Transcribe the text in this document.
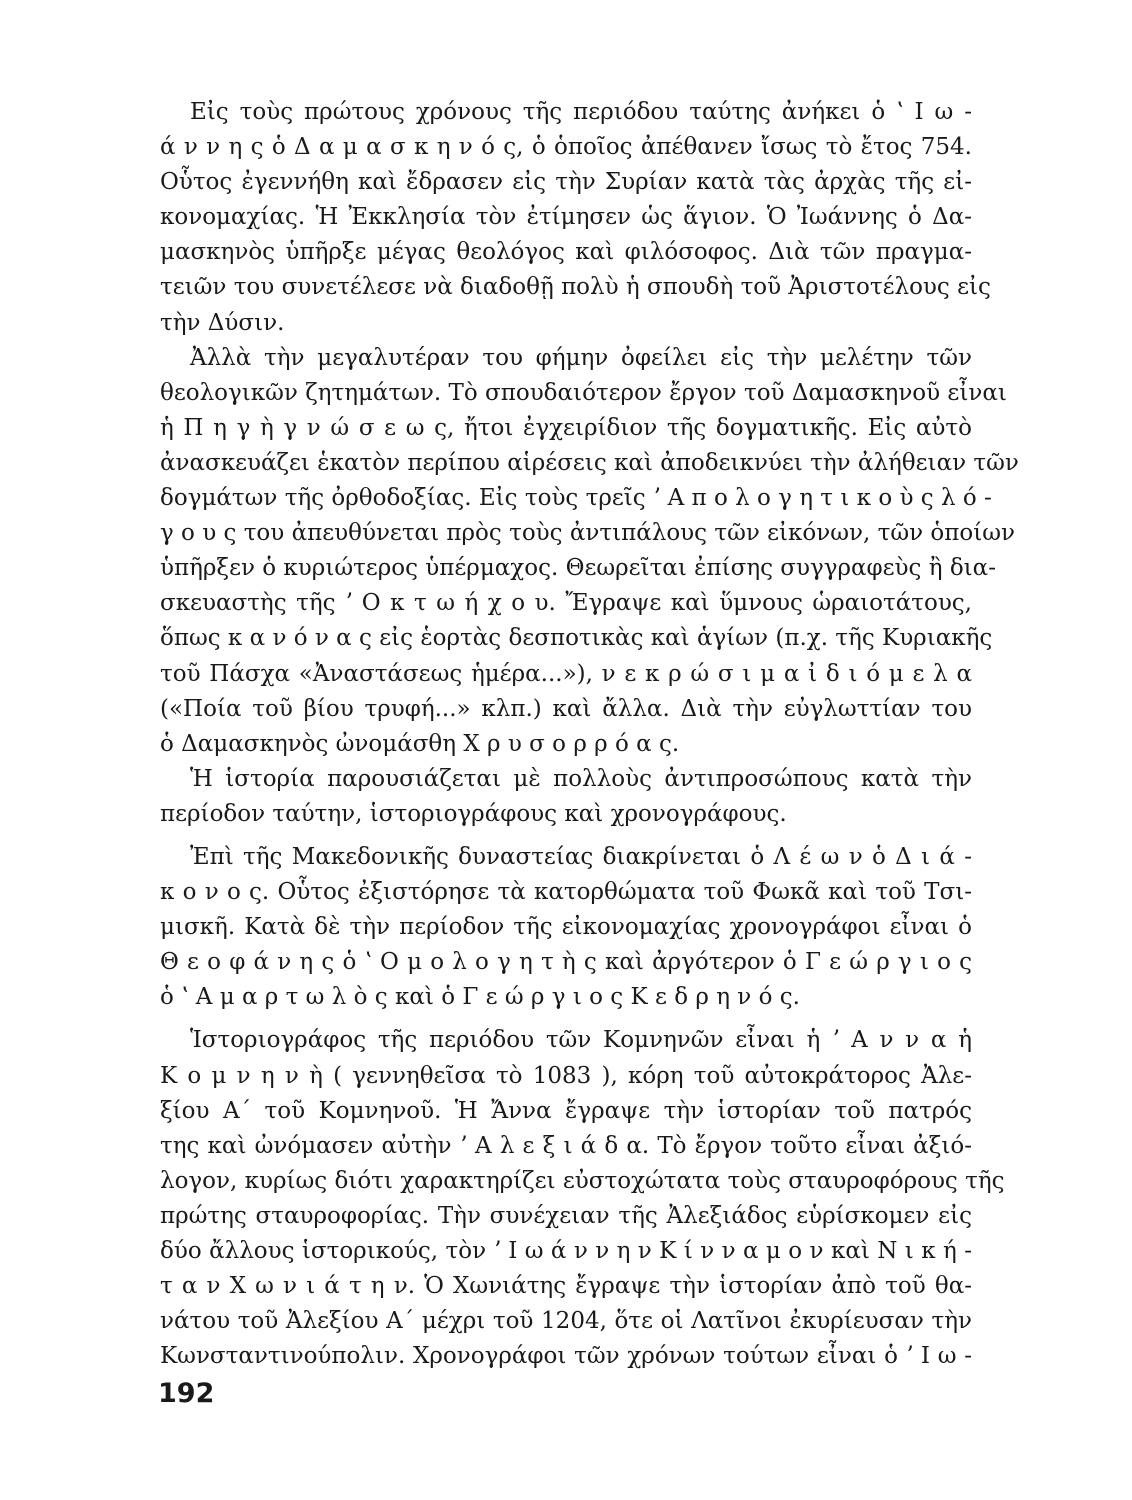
Εἰς τοὺς πρώτους χρόνους τῆς περιόδου ταύτης ἀνήκει ὁ ʽ Ι ω -
ά ν ν η ς ὁ Δ α μ α σ κ η ν ό ς, ὁ ὁποῖος ἀπέθανεν ἴσως τὸ ἔτος 754.
Οὗτος ἐγεννήθη καὶ ἔδρασεν εἰς τὴν Συρίαν κατὰ τὰς ἀρχὰς τῆς εἰ-
κονομαχίας. Ἡ Ἐκκλησία τὸν ἐτίμησεν ὡς ἅγιον. Ὁ Ἰωάννης ὁ Δα-
μασκηνὸς ὑπῆρξε μέγας θεολόγος καὶ φιλόσοφος. Διὰ τῶν πραγμα-
τειῶν του συνετέλεσε νὰ διαδοθῇ πολὺ ἡ σπουδὴ τοῦ Ἀριστοτέλους εἰς
τὴν Δύσιν.
Ἀλλὰ τὴν μεγαλυτέραν του φήμην ὀφείλει εἰς τὴν μελέτην τῶν
θεολογικῶν ζητημάτων. Τὸ σπουδαιότερον ἔργον τοῦ Δαμασκηνοῦ εἶναι
ἡ Π η γ ὴ γ ν ώ σ ε ω ς, ἤτοι ἐγχειρίδιον τῆς δογματικῆς. Εἰς αὐτὸ
ἀνασκευάζει ἑκατὸν περίπου αἱρέσεις καὶ ἀποδεικνύει τὴν ἀλήθειαν τῶν
δογμάτων τῆς ὀρθοδοξίας. Εἰς τοὺς τρεῖς ʼ Α π ο λ ο γ η τ ι κ ο ὺ ς λ ό -
γ ο υ ς του ἀπευθύνεται πρὸς τοὺς ἀντιπάλους τῶν εἰκόνων, τῶν ὁποίων
ὑπῆρξεν ὁ κυριώτερος ὑπέρμαχος. Θεωρεῖται ἐπίσης συγγραφεὺς ἢ δια-
σκευαστὴς τῆς ʼ Ο κ τ ω ή χ ο υ. Ἔγραψε καὶ ὕμνους ὡραιοτάτους,
ὅπως κ α ν ό ν α ς εἰς ἑορτὰς δεσποτικὰς καὶ ἁγίων (π.χ. τῆς Κυριακῆς
τοῦ Πάσχα «Ἀναστάσεως ἡμέρα...»), ν ε κ ρ ώ σ ι μ α ἰ δ ι ό μ ε λ α
(«Ποία τοῦ βίου τρυφή...» κλπ.) καὶ ἄλλα. Διὰ τὴν εὐγλωττίαν του
ὁ Δαμασκηνὸς ὠνομάσθη Χ ρ υ σ ο ρ ρ ό α ς.
Ἡ ἱστορία παρουσιάζεται μὲ πολλοὺς ἀντιπροσώπους κατὰ τὴν
περίοδον ταύτην, ἱστοριογράφους καὶ χρονογράφους.
Ἐπὶ τῆς Μακεδονικῆς δυναστείας διακρίνεται ὁ Λ έ ω ν ὁ Δ ι ά -
κ ο ν ο ς. Οὗτος ἐξιστόρησε τὰ κατορθώματα τοῦ Φωκᾶ καὶ τοῦ Τσι-
μισκῆ. Κατὰ δὲ τὴν περίοδον τῆς εἰκονομαχίας χρονογράφοι εἶναι ὁ
Θ ε ο φ ά ν η ς ὁ ʽ Ο μ ο λ ο γ η τ ὴ ς καὶ ἀργότερον ὁ Γ ε ώ ρ γ ι ο ς
ὁ ʽ Α μ α ρ τ ω λ ὸ ς καὶ ὁ Γ ε ώ ρ γ ι ο ς Κ ε δ ρ η ν ό ς.
Ἱστοριογράφος τῆς περιόδου τῶν Κομνηνῶν εἶναι ἡ ʼ Α ν ν α ἡ
Κ ο μ ν η ν ὴ ( γεννηθεῖσα τὸ 1083 ), κόρη τοῦ αὐτοκράτορος Ἀλε-
ξίου Α΄ τοῦ Κομνηνοῦ. Ἡ Ἄννα ἔγραψε τὴν ἱστορίαν τοῦ πατρός
της καὶ ὠνόμασεν αὐτὴν ʼ Α λ ε ξ ι ά δ α. Τὸ ἔργον τοῦτο εἶναι ἀξιό-
λογον, κυρίως διότι χαρακτηρίζει εὐστοχώτατα τοὺς σταυροφόρους τῆς
πρώτης σταυροφορίας. Τὴν συνέχειαν τῆς Ἀλεξιάδος εὑρίσκομεν εἰς
δύο ἄλλους ἱστορικούς, τὸν ʼ Ι ω ά ν ν η ν Κ ί ν ν α μ ο ν καὶ Ν ι κ ή -
τ α ν Χ ω ν ι ά τ η ν. Ὁ Χωνιάτης ἔγραψε τὴν ἱστορίαν ἀπὸ τοῦ θα-
νάτου τοῦ Ἀλεξίου Α΄ μέχρι τοῦ 1204, ὅτε οἱ Λατῖνοι ἐκυρίευσαν τὴν
Κωνσταντινούπολιν. Χρονογράφοι τῶν χρόνων τούτων εἶναι ὁ ʼ Ι ω -
192
